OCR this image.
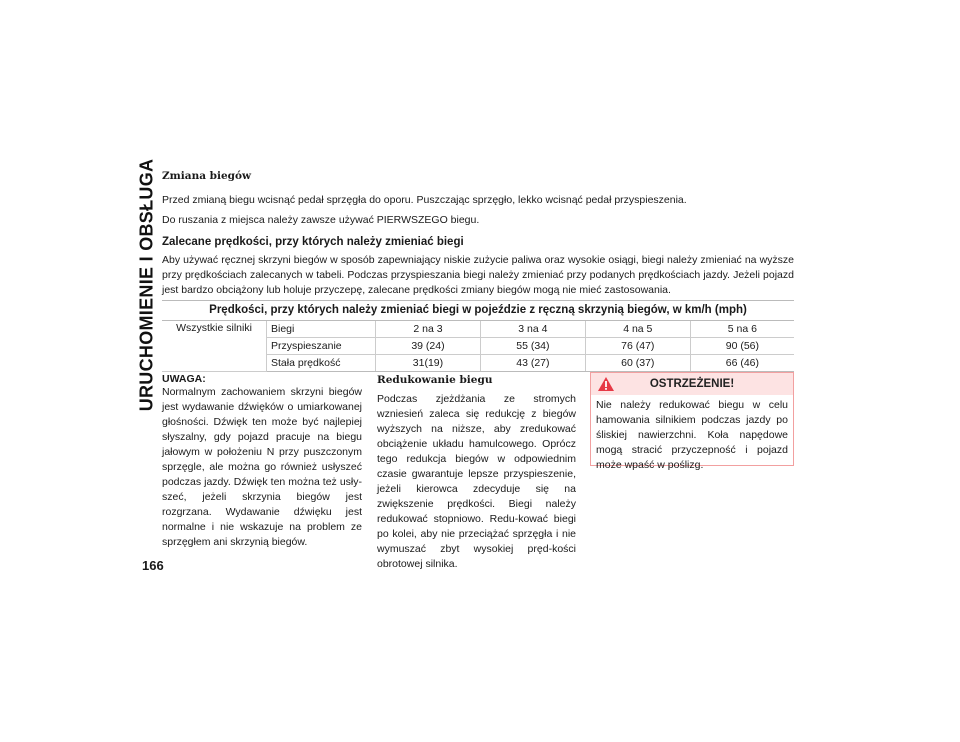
URUCHOMIENIE I OBSŁUGA Zmiana biegów

Przed zmianą biegu wcisnąć pedał sprzęgła do oporu. Puszczając sprzęgło, lekko wcisnąć pedał przyspieszenia.

Do ruszania z miejsca należy zawsze używać PIERWSZEGO biegu.

Zalecane prędkości, przy których należy zmieniać biegi

Aby używać ręcznej skrzyni biegów w sposób zapewniający niskie zużycie paliwa oraz wysokie osiągi, biegi należy zmieniać na wyższe przy prędkościach zalecanych w tabeli. Podczas przyspieszania biegi należy zmieniać przy podanych prędkościach jazdy. Jeżeli pojazd jest bardzo obciążony lub holuje przyczepę, zalecane prędkości zmiany biegów mogą nie mieć zastosowania.

Prędkości, przy których należy zmieniać biegi w pojeździe z ręczną skrzynią biegów, w km/h (mph)					
Wszystkie silniki	Biegi	2 na 3	3 na 4	4 na 5	5 na 6
	Przyspieszanie	39 (24)	55 (34)	76 (47)	90 (56)
	Stała prędkość	31(19)	43 (27)	60 (37)	66 (46)
UWAGA:

Normalnym zachowaniem skrzyni biegów jest wydawanie dźwięków o umiarkowanej głośności. Dźwięk ten może być najlepiej słyszalny, gdy pojazd pracuje na biegu jałowym w położeniu N przy puszczonym sprzęgle, ale można go również usłyszeć podczas jazdy. Dźwięk ten można też usły-szeć, jeżeli skrzynia biegów jest rozgrzana. Wydawanie dźwięku jest normalne i nie wskazuje na problem ze sprzęgłem ani skrzynią biegów.

Redukowanie biegu

Podczas zjeżdżania ze stromych wzniesień zaleca się redukcję z biegów wyższych na niższe, aby zredukować obciążenie układu hamulcowego. Oprócz tego redukcja biegów w odpowiednim czasie gwarantuje lepsze przyspieszenie, jeżeli kierowca zdecyduje się na zwiększenie prędkości. Biegi należy redukować stopniowo. Redu-kować biegi po kolei, aby nie przeciążać sprzęgła i nie wymuszać zbyt wysokiej pręd-kości obrotowej silnika.

OSTRZEŻENIE!
Nie należy redukować biegu w celu hamowania silnikiem podczas jazdy po śliskiej nawierzchni. Koła napędowe mogą stracić przyczepność i pojazd może wpaść w poślizg.
166
